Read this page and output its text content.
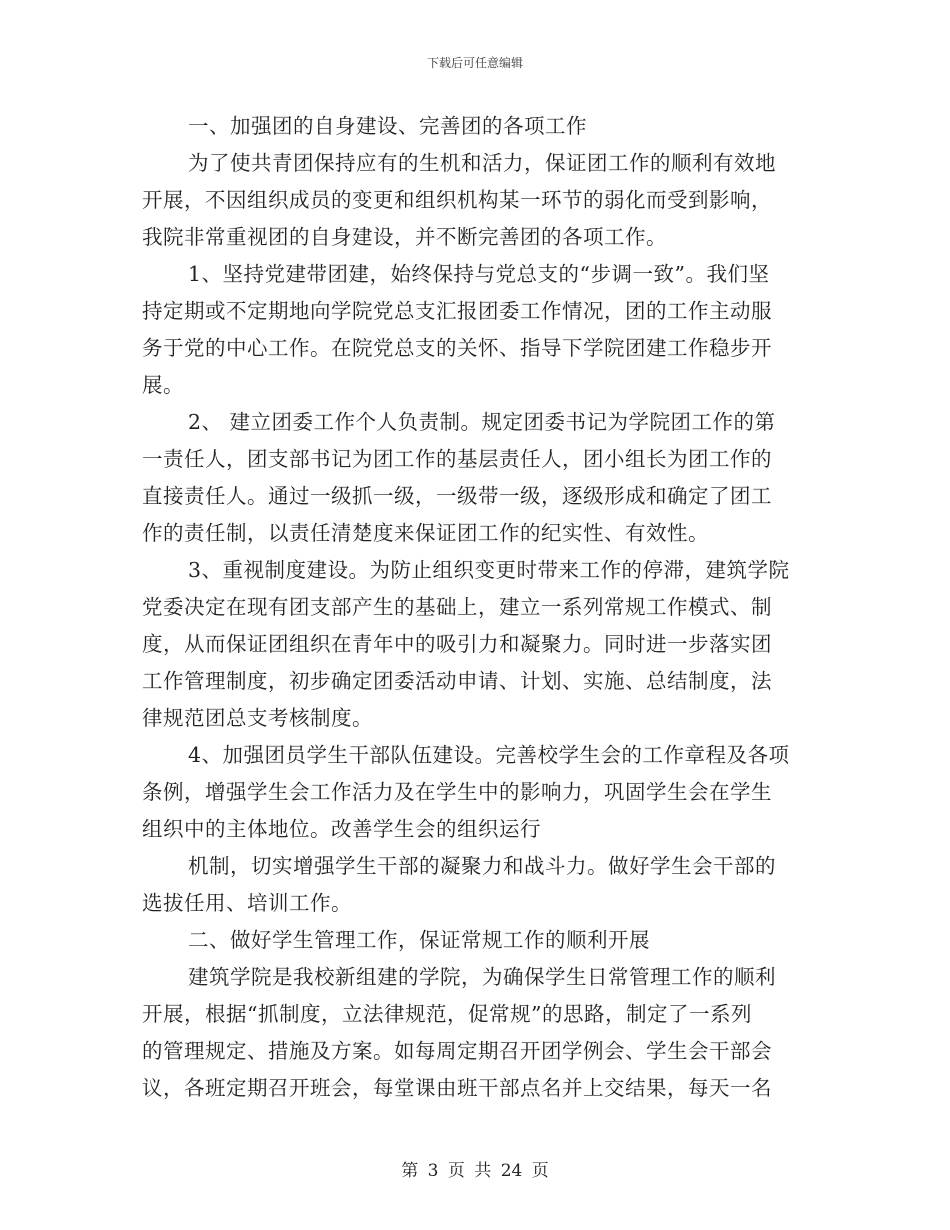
下载后可任意编辑
一、加强团的自身建设、完善团的各项工作
为了使共青团保持应有的生机和活力，保证团工作的顺利有效地
开展，不因组织成员的变更和组织机构某一环节的弱化而受到影响，
我院非常重视团的自身建设，并不断完善团的各项工作。
1、坚持党建带团建，始终保持与党总支的“步调一致”。我们坚
持定期或不定期地向学院党总支汇报团委工作情况，团的工作主动服
务于党的中心工作。在院党总支的关怀、指导下学院团建工作稳步开
展。
2、 建立团委工作个人负责制。规定团委书记为学院团工作的第
一责任人，团支部书记为团工作的基层责任人，团小组长为团工作的
直接责任人。通过一级抓一级，一级带一级，逐级形成和确定了团工
作的责任制，以责任清楚度来保证团工作的纪实性、有效性。
3、重视制度建设。为防止组织变更时带来工作的停滞，建筑学院
党委决定在现有团支部产生的基础上，建立一系列常规工作模式、制
度，从而保证团组织在青年中的吸引力和凝聚力。同时进一步落实团
工作管理制度，初步确定团委活动申请、计划、实施、总结制度，法
律规范团总支考核制度。
4、加强团员学生干部队伍建设。完善校学生会的工作章程及各项
条例，增强学生会工作活力及在学生中的影响力，巩固学生会在学生
组织中的主体地位。改善学生会的组织运行
机制，切实增强学生干部的凝聚力和战斗力。做好学生会干部的
选拔任用、培训工作。
二、做好学生管理工作，保证常规工作的顺利开展
建筑学院是我校新组建的学院，为确保学生日常管理工作的顺利
开展，根据“抓制度，立法律规范，促常规”的思路，制定了一系列
的管理规定、措施及方案。如每周定期召开团学例会、学生会干部会
议，各班定期召开班会，每堂课由班干部点名并上交结果，每天一名
第 3 页 共 24 页
